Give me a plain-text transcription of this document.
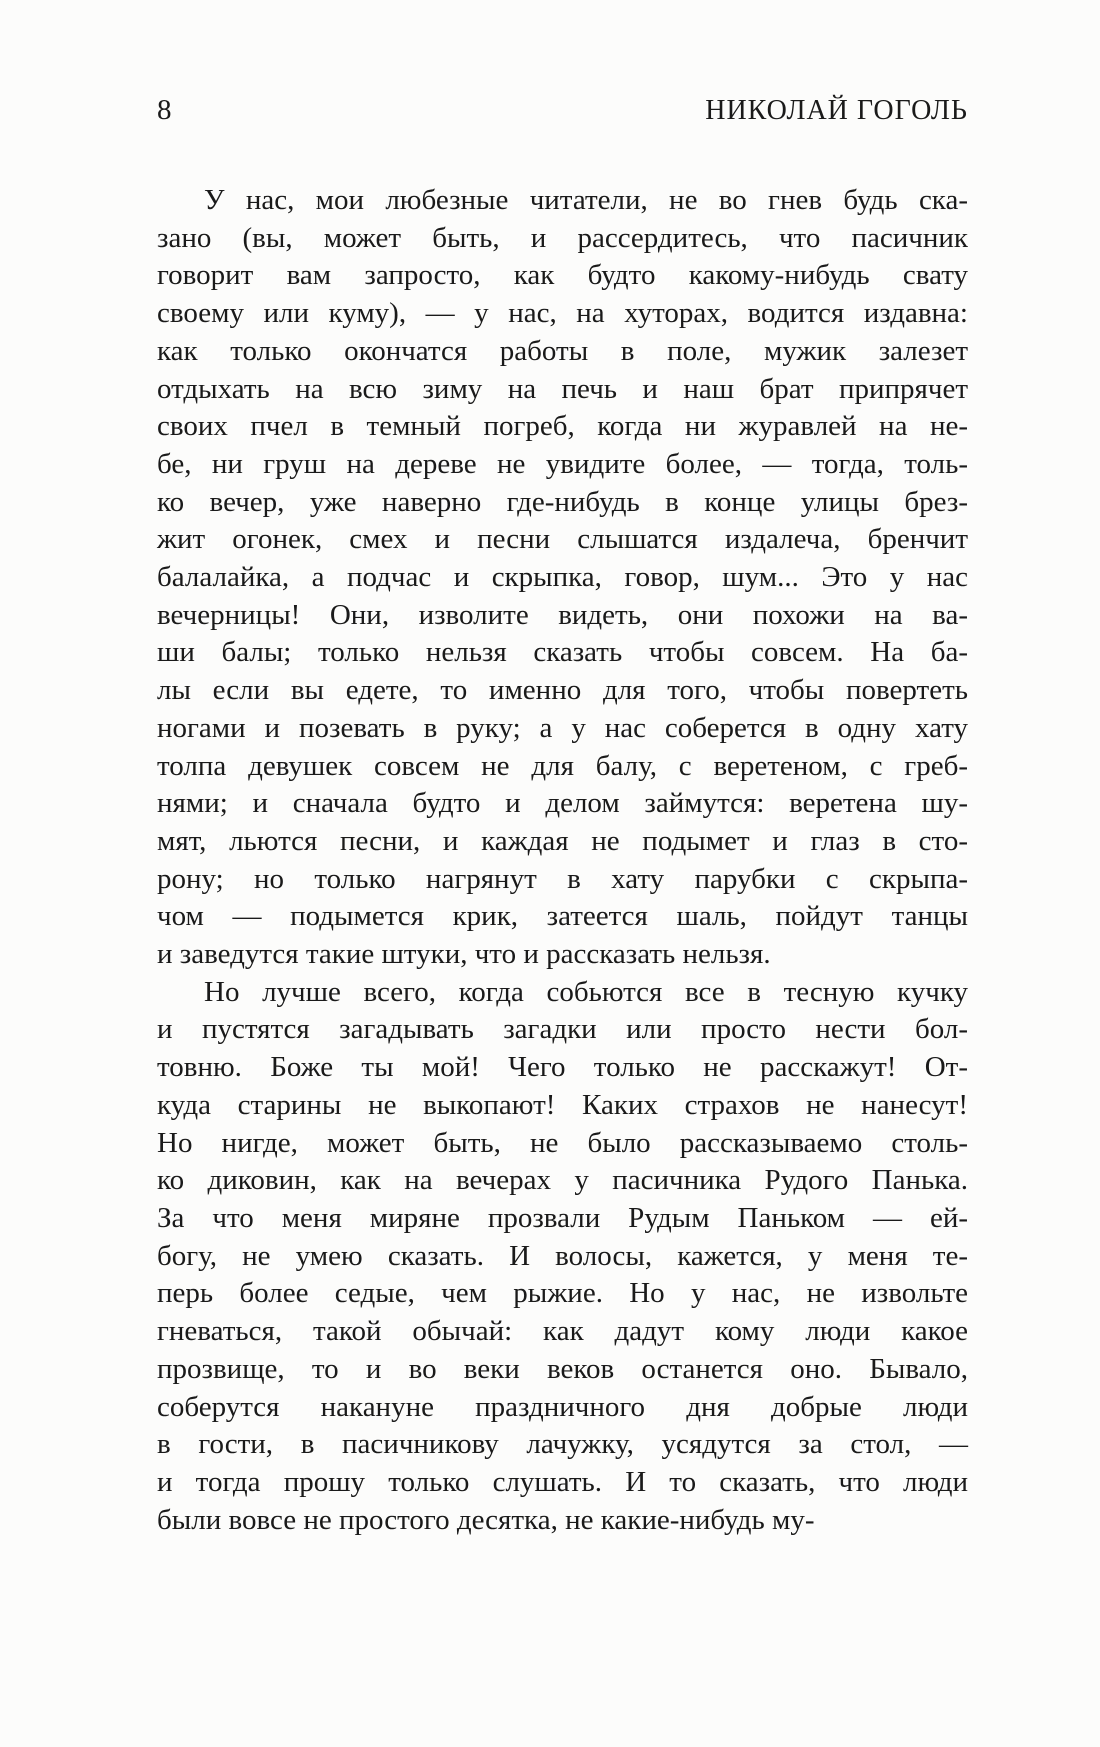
8	НИКОЛАЙ ГОГОЛЬ
У нас, мои любезные читатели, не во гнев будь ска-
зано (вы, может быть, и рассердитесь, что пасичник
говорит вам запросто, как будто какому-нибудь свату
своему или куму), — у нас, на хуторах, водится издавна:
как только окончатся работы в поле, мужик залезет
отдыхать на всю зиму на печь и наш брат припрячет
своих пчел в темный погреб, когда ни журавлей на не-
бе, ни груш на дереве не увидите более, — тогда, толь-
ко вечер, уже наверно где-нибудь в конце улицы брез-
жит огонек, смех и песни слышатся издалеча, бренчит
балалайка, а подчас и скрыпка, говор, шум... Это у нас
вечерницы! Они, изволите видеть, они похожи на ва-
ши балы; только нельзя сказать чтобы совсем. На ба-
лы если вы едете, то именно для того, чтобы повертеть
ногами и позевать в руку; а у нас соберется в одну хату
толпа девушек совсем не для балу, с веретеном, с греб-
нями; и сначала будто и делом займутся: веретена шу-
мят, льются песни, и каждая не подымет и глаз в сто-
рону; но только нагрянут в хату парубки с скрыпа-
чом — подымется крик, затеется шаль, пойдут танцы
и заведутся такие штуки, что и рассказать нельзя.
Но лучше всего, когда собьются все в тесную кучку
и пустятся загадывать загадки или просто нести бол-
товню. Боже ты мой! Чего только не расскажут! От-
куда старины не выкопают! Каких страхов не нанесут!
Но нигде, может быть, не было рассказываемо столь-
ко диковин, как на вечерах у пасичника Рудого Панька.
За что меня миряне прозвали Рудым Паньком — ей-
богу, не умею сказать. И волосы, кажется, у меня те-
перь более седые, чем рыжие. Но у нас, не извольте
гневаться, такой обычай: как дадут кому люди какое
прозвище, то и во веки веков останется оно. Бывало,
соберутся накануне праздничного дня добрые люди
в гости, в пасичникову лачужку, усядутся за стол, —
и тогда прошу только слушать. И то сказать, что люди
были вовсе не простого десятка, не какие-нибудь му-
